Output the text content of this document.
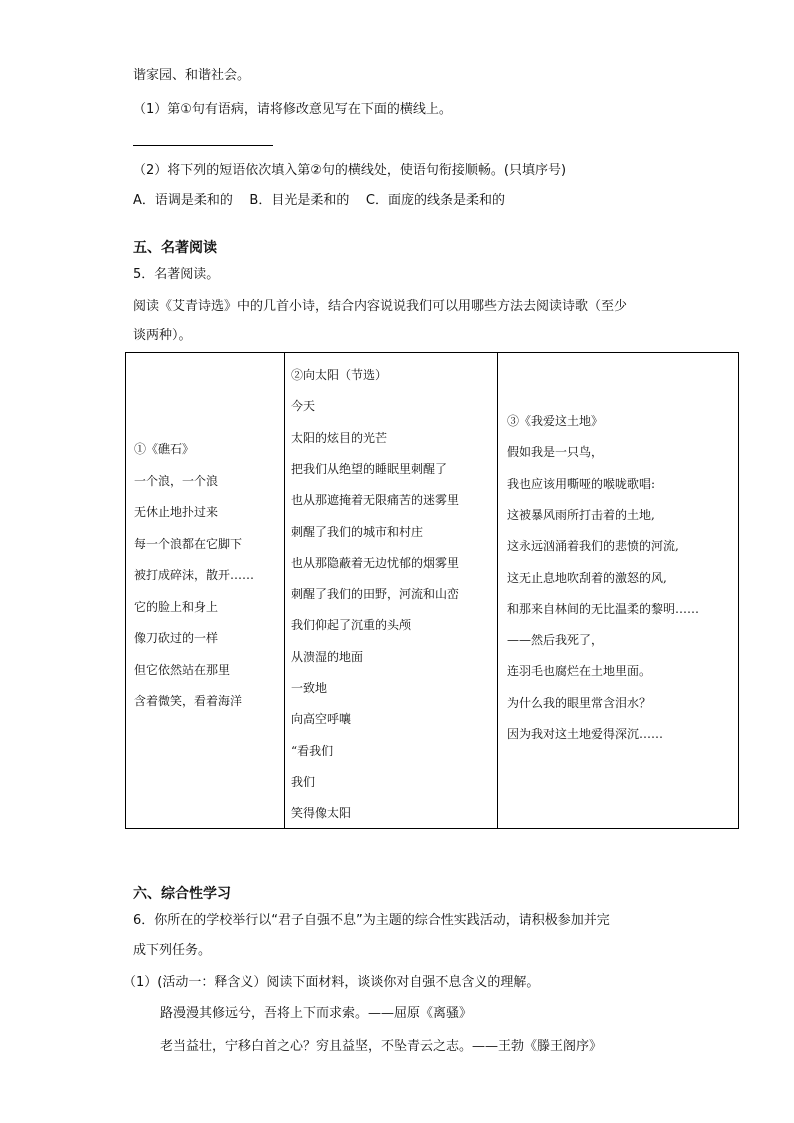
谐家园、和谐社会。
（1）第①句有语病，请将修改意见写在下面的横线上。
（2）将下列的短语依次填入第②句的横线处，使语句衔接顺畅。(只填序号)
A．语调是柔和的    B．目光是柔和的    C．面庞的线条是柔和的
五、名著阅读
5．名著阅读。
阅读《艾青诗选》中的几首小诗，结合内容说说我们可以用哪些方法去阅读诗歌（至少
谈两种）。
①《礁石》
一个浪，一个浪
无休止地扑过来
每一个浪都在它脚下
被打成碎沫，散开……
它的脸上和身上
像刀砍过的一样
但它依然站在那里
含着微笑，看着海洋
②向太阳（节选）
今天
太阳的炫目的光芒
把我们从绝望的睡眠里刺醒了
也从那遮掩着无限痛苦的迷雾里
刺醒了我们的城市和村庄
也从那隐蔽着无边忧郁的烟雾里
刺醒了我们的田野，河流和山峦
我们仰起了沉重的头颅
从溃湿的地面
一致地
向高空呼嚷
“看我们
我们
笑得像太阳
③《我爱这土地》
假如我是一只鸟，
我也应该用嘶哑的喉咙歌唱:
这被暴风雨所打击着的土地,
这永远汹涌着我们的悲愤的河流,
这无止息地吹刮着的激怒的风,
和那来自林间的无比温柔的黎明……
——然后我死了，
连羽毛也腐烂在土地里面。
为什么我的眼里常含泪水？
因为我对这土地爱得深沉……
六、综合性学习
6．你所在的学校举行以“君子自强不息”为主题的综合性实践活动，请积极参加并完
成下列任务。
（1）(活动一：释含义）阅读下面材料，谈谈你对自强不息含义的理解。
路漫漫其修远兮，吾将上下而求索。——屈原《离骚》
老当益壮，宁移白首之心？穷且益坚，不坠青云之志。——王勃《滕王阁序》
